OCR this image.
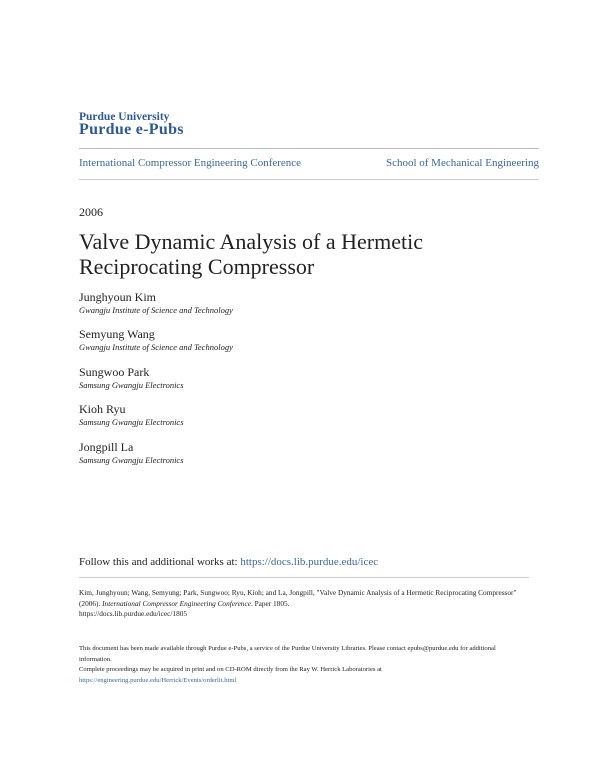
Purdue University
Purdue e-Pubs
International Compressor Engineering Conference	School of Mechanical Engineering
2006
Valve Dynamic Analysis of a Hermetic
Reciprocating Compressor
Junghyoun Kim
Gwangju Institute of Science and Technology
Semyung Wang
Gwangju Institute of Science and Technology
Sungwoo Park
Samsung Gwangju Electronics
Kioh Ryu
Samsung Gwangju Electronics
Jongpill La
Samsung Gwangju Electronics
Follow this and additional works at: https://docs.lib.purdue.edu/icec
Kim, Junghyoun; Wang, Semyung; Park, Sungwoo; Ryu, Kioh; and La, Jongpill, "Valve Dynamic Analysis of a Hermetic Reciprocating Compressor" (2006). International Compressor Engineering Conference. Paper 1805.
https://docs.lib.purdue.edu/icec/1805
This document has been made available through Purdue e-Pubs, a service of the Purdue University Libraries. Please contact epubs@purdue.edu for additional information.
Complete proceedings may be acquired in print and on CD-ROM directly from the Ray W. Herrick Laboratories at https://engineering.purdue.edu/Herrick/Events/orderlit.html
